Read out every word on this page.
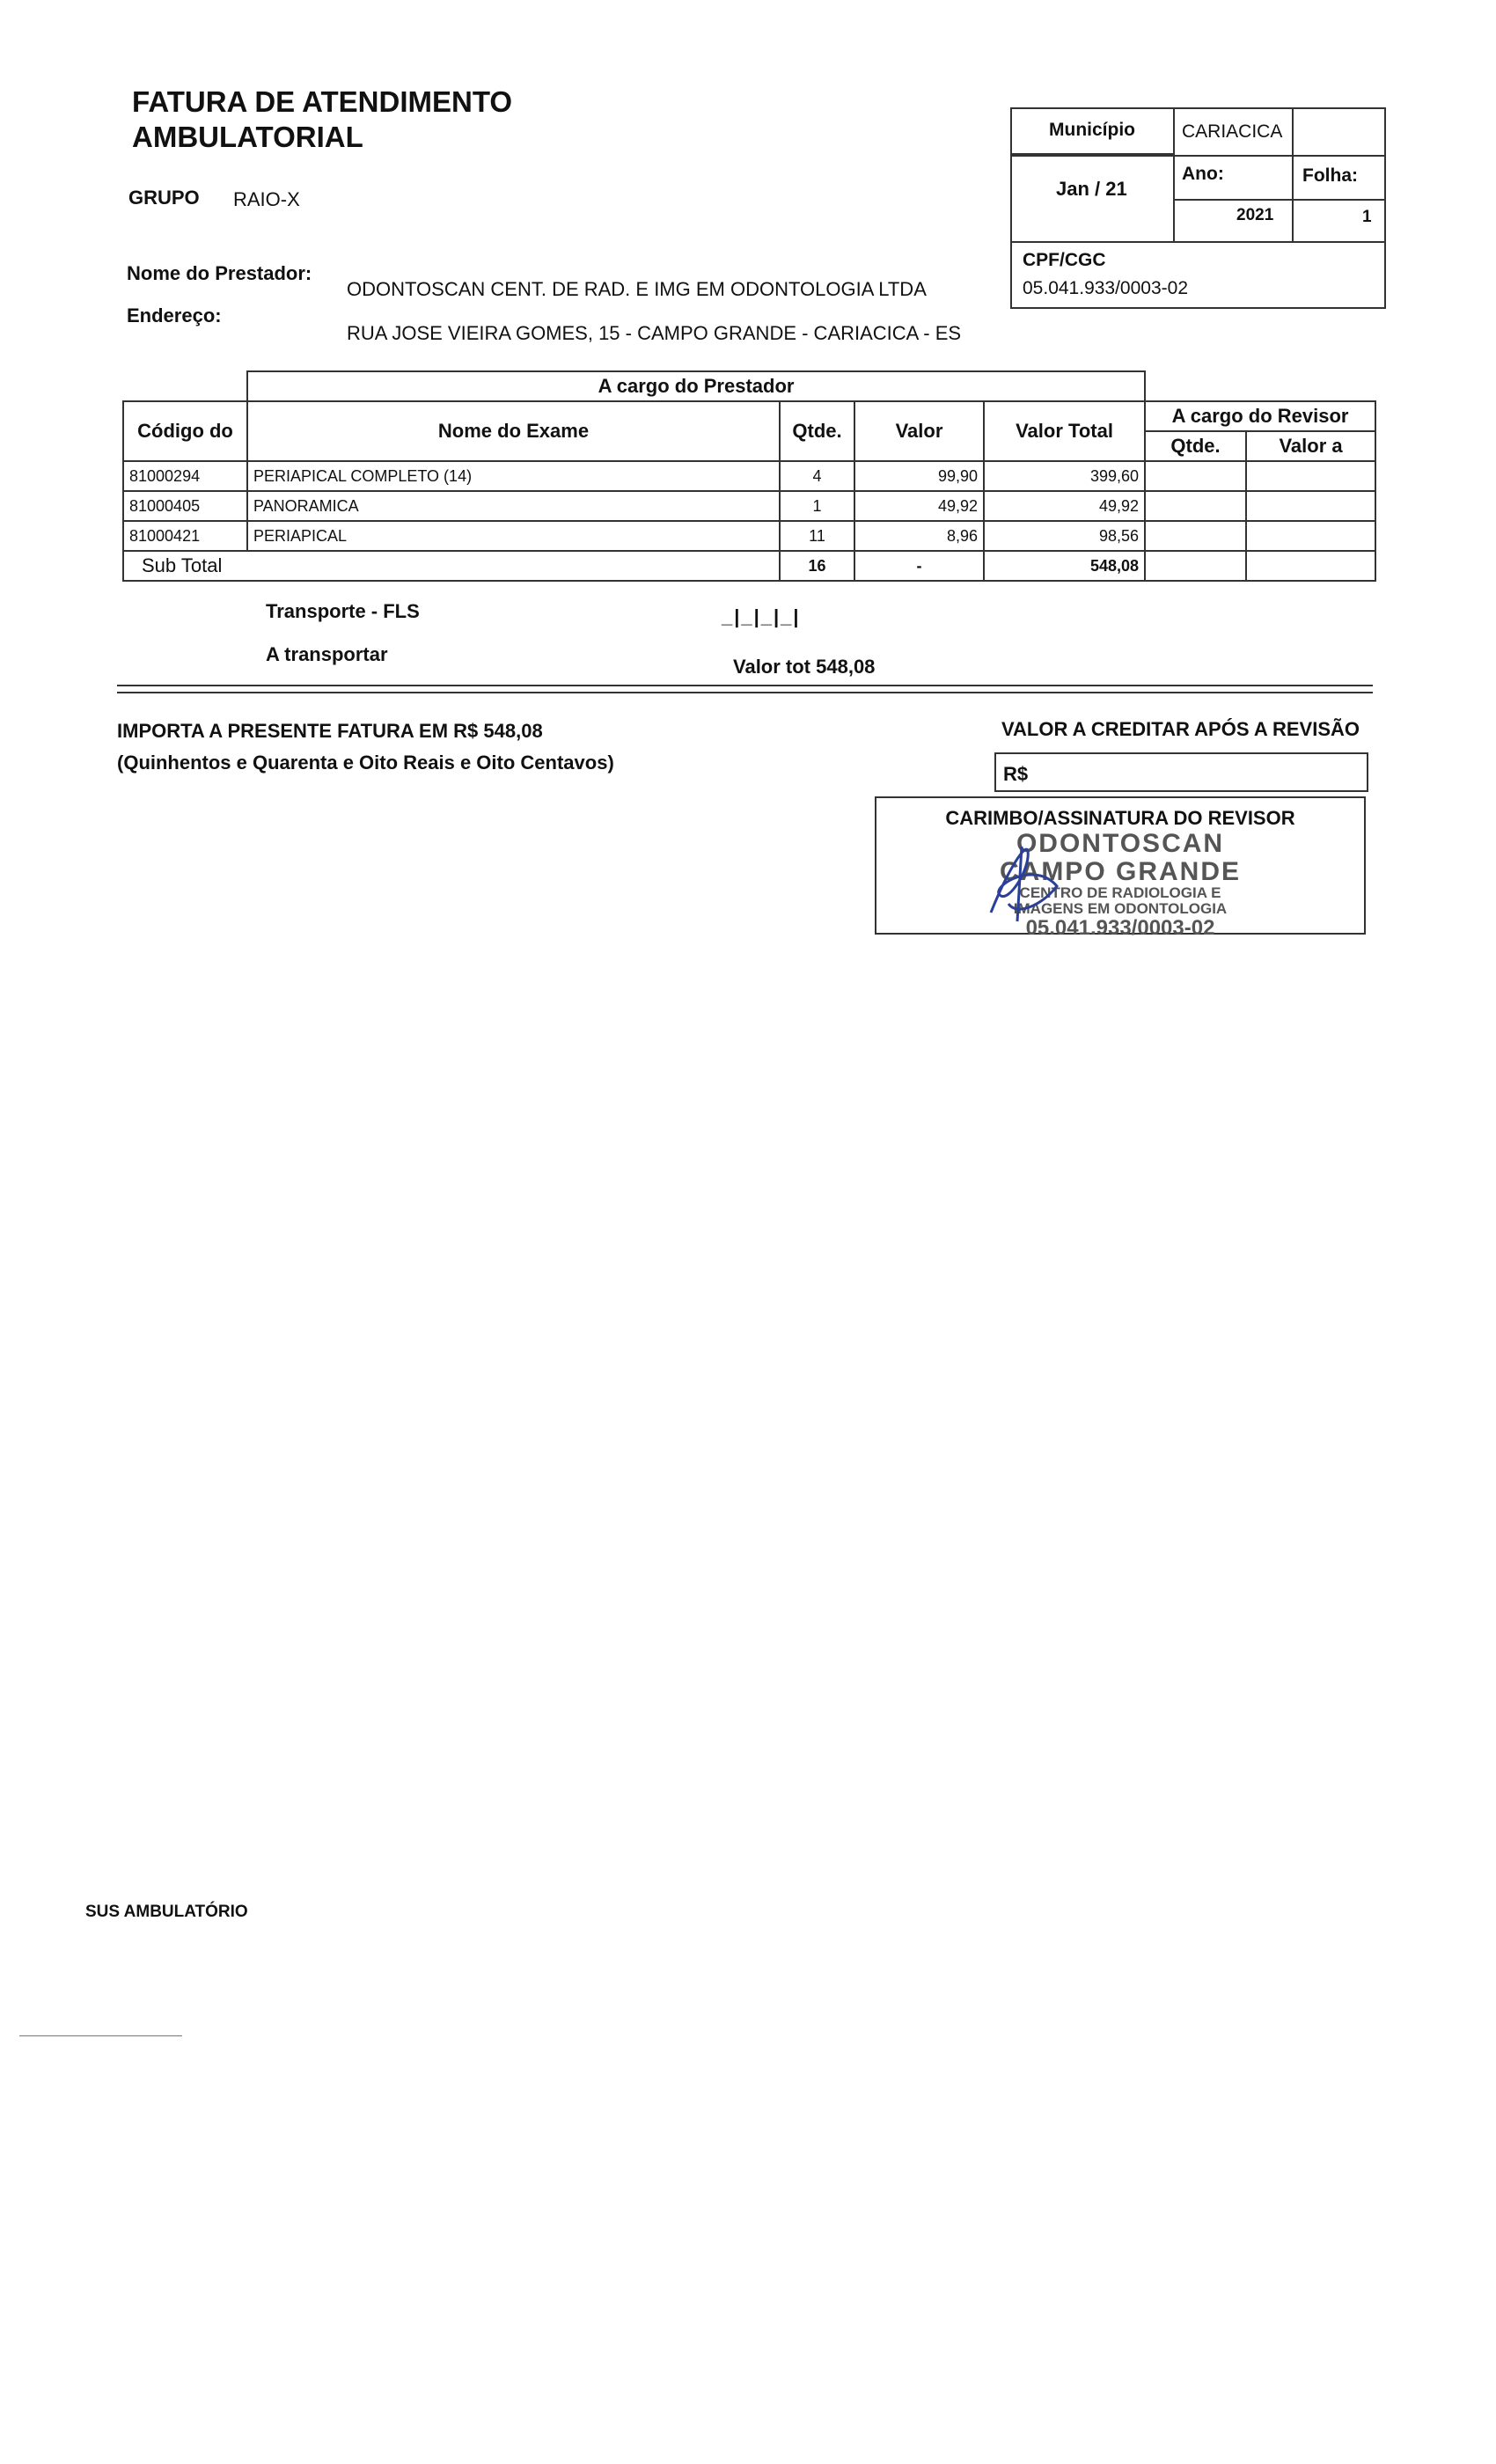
FATURA DE ATENDIMENTO
AMBULATORIAL
GRUPO RAIO-X
Município	CARIACICA
Jan / 21
Ano:	Folha:
2021	1
CPF/CGC
05.041.933/0003-02
Nome do Prestador:
ODONTOSCAN CENT. DE RAD. E IMG EM ODONTOLOGIA LTDA
Endereço:
RUA JOSE VIEIRA GOMES, 15 - CAMPO GRANDE - CARIACICA - ES
	A cargo do Prestador					
Código do	Nome do Exame	Qtde.	Valor	Valor Total	A cargo do Revisor	
					Qtde.	Valor a
81000294	PERIAPICAL COMPLETO (14)	4	99,90	399,60		
81000405	PANORAMICA	1	49,92	49,92		
81000421	PERIAPICAL	11	8,96	98,56		
Sub Total		16	-	548,08		
Transporte - FLS	_|_|_|_|
A transportar
Valor tot 548,08
IMPORTA A PRESENTE FATURA EM R$ 548,08
(Quinhentos e Quarenta e Oito Reais e Oito Centavos)
VALOR A CREDITAR APÓS A REVISÃO
R$
CARIMBO/ASSINATURA DO REVISOR
ODONTOSCAN
CAMPO GRANDE
CENTRO DE RADIOLOGIA E
IMAGENS EM ODONTOLOGIA
05.041.933/0003-02
SUS AMBULATÓRIO
